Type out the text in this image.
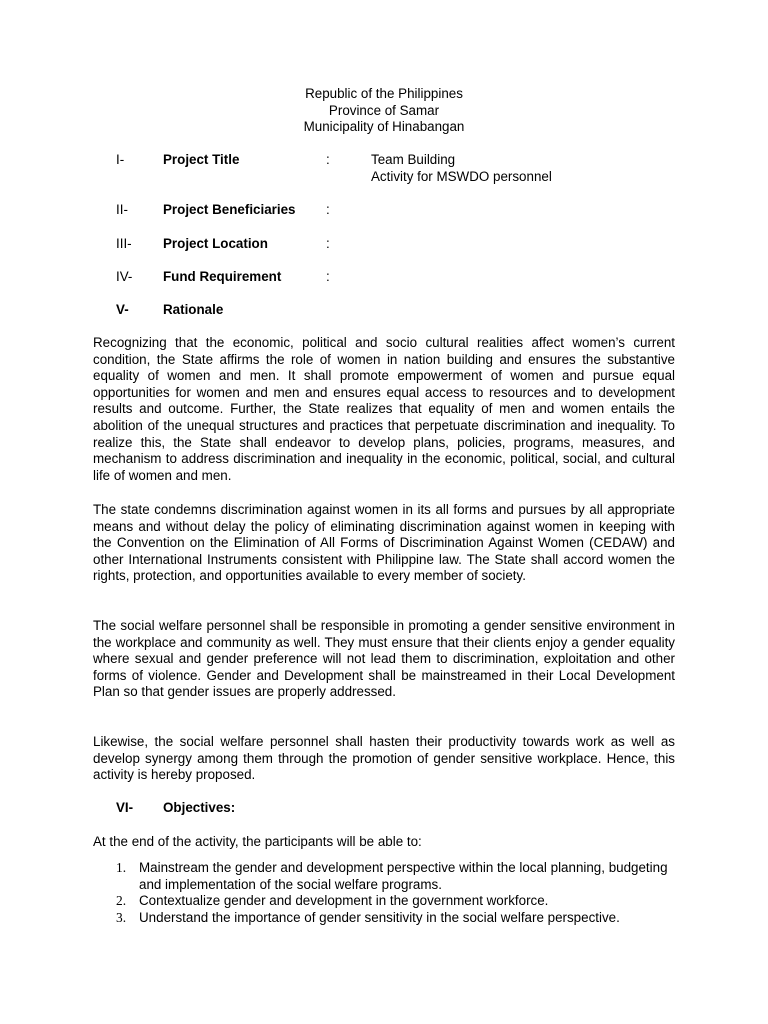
Republic of the Philippines
Province of Samar
Municipality of Hinabangan
I-	Project Title	:	Team Building
Activity for MSWDO personnel
II-	Project Beneficiaries :
III- Project Location	:
IV- Fund Requirement	:
V-	Rationale

Recognizing that the economic, political and socio cultural realities affect women’s current condition, the State affirms the role of women in nation building and ensures the substantive equality of women and men. It shall promote empowerment of women and pursue equal opportunities for women and men and ensures equal access to resources and to development results and outcome. Further, the State realizes that equality of men and women entails the abolition of the unequal structures and practices that perpetuate discrimination and inequality. To realize this, the State shall endeavor to develop plans, policies, programs, measures, and mechanism to address discrimination and inequality in the economic, political, social, and cultural life of women and men.

The state condemns discrimination against women in its all forms and pursues by all appropriate means and without delay the policy of eliminating discrimination against women in keeping with the Convention on the Elimination of All Forms of Discrimination Against Women (CEDAW) and other International Instruments consistent with Philippine law. The State shall accord women the rights, protection, and opportunities available to every member of society.

The social welfare personnel shall be responsible in promoting a gender sensitive environment in the workplace and community as well. They must ensure that their clients enjoy a gender equality where sexual and gender preference will not lead them to discrimination, exploitation and other forms of violence. Gender and Development shall be mainstreamed in their Local Development Plan so that gender issues are properly addressed.

Likewise, the social welfare personnel shall hasten their productivity towards work as well as develop synergy among them through the promotion of gender sensitive workplace. Hence, this activity is hereby proposed.

VI- Objectives:

At the end of the activity, the participants will be able to:

1. Mainstream the gender and development perspective within the local planning, budgeting and implementation of the social welfare programs.
2. Contextualize gender and development in the government workforce.
3. Understand the importance of gender sensitivity in the social welfare perspective.
